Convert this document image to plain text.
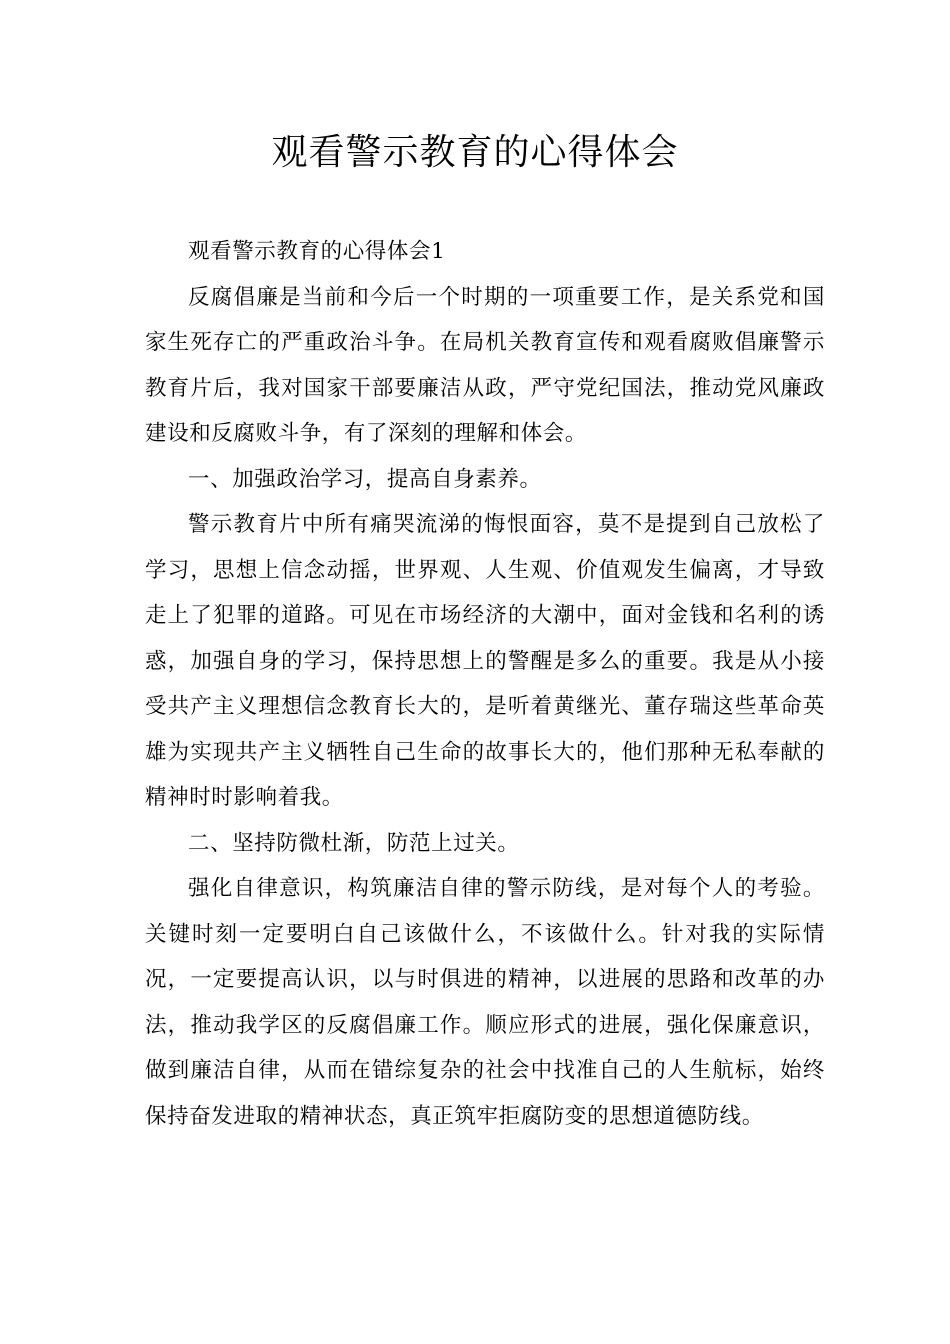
观看警示教育的心得体会

观看警示教育的心得体会1

反腐倡廉是当前和今后一个时期的一项重要工作，是关系党和国家生死存亡的严重政治斗争。在局机关教育宣传和观看腐败倡廉警示教育片后，我对国家干部要廉洁从政，严守党纪国法，推动党风廉政建设和反腐败斗争，有了深刻的理解和体会。

一、加强政治学习，提高自身素养。

警示教育片中所有痛哭流涕的悔恨面容，莫不是提到自己放松了学习，思想上信念动摇，世界观、人生观、价值观发生偏离，才导致走上了犯罪的道路。可见在市场经济的大潮中，面对金钱和名利的诱惑，加强自身的学习，保持思想上的警醒是多么的重要。我是从小接受共产主义理想信念教育长大的，是听着黄继光、董存瑞这些革命英雄为实现共产主义牺牲自己生命的故事长大的，他们那种无私奉献的精神时时影响着我。

二、坚持防微杜渐，防范上过关。

强化自律意识，构筑廉洁自律的警示防线，是对每个人的考验。关键时刻一定要明白自己该做什么，不该做什么。针对我的实际情况，一定要提高认识，以与时俱进的精神，以进展的思路和改革的办法，推动我学区的反腐倡廉工作。顺应形式的进展，强化保廉意识，做到廉洁自律，从而在错综复杂的社会中找准自己的人生航标，始终保持奋发进取的精神状态，真正筑牢拒腐防变的思想道德防线。
